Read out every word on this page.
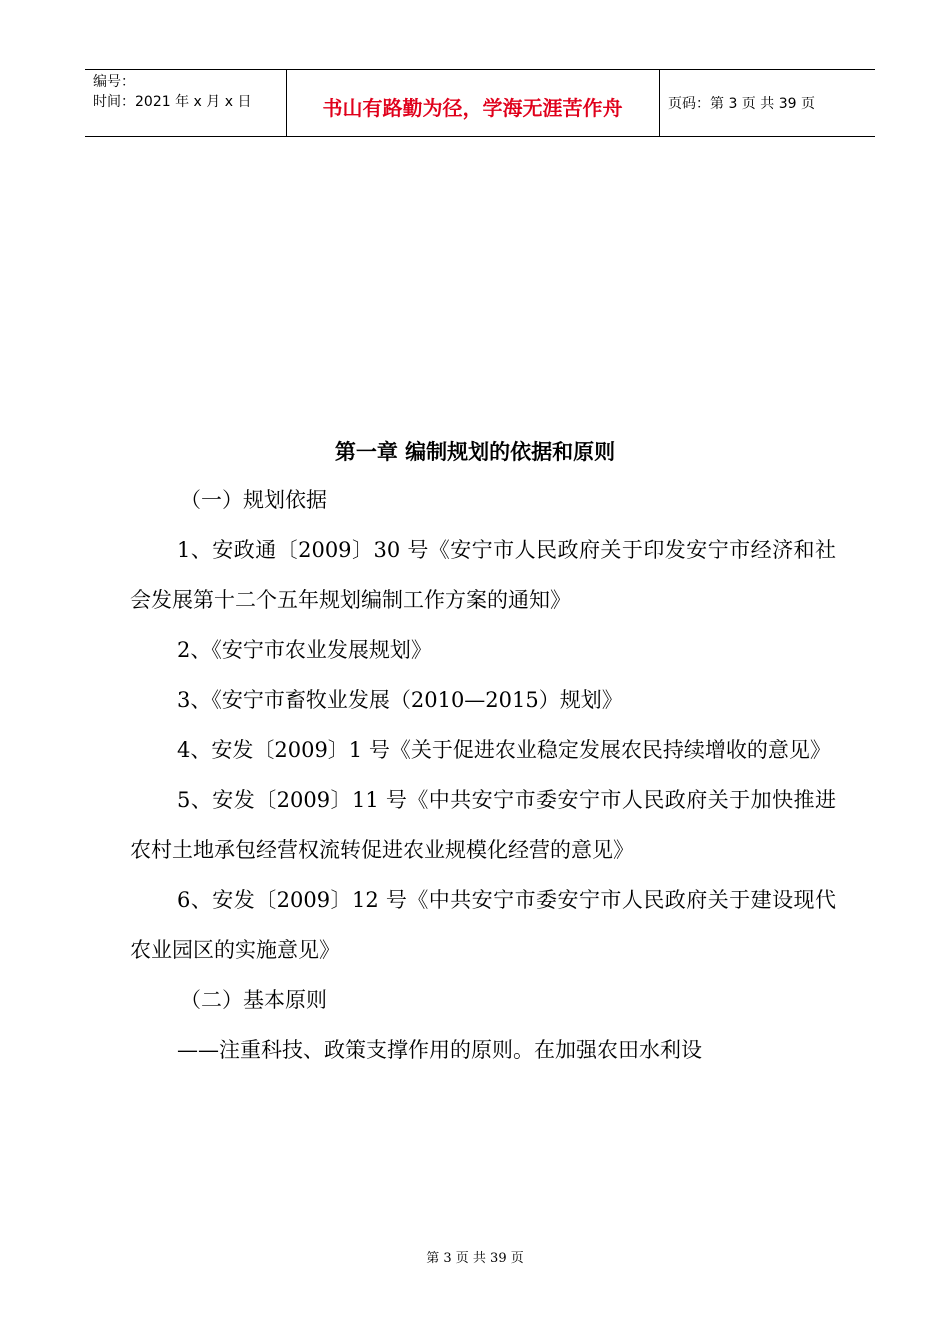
编号：
时间：2021 年 x 月 x 日	书山有路勤为径，学海无涯苦作舟	页码：第 3 页 共 39 页
第一章 编制规划的依据和原则

（一）规划依据

1、安政通〔2009〕30 号《安宁市人民政府关于印发安宁市经济和社会发展第十二个五年规划编制工作方案的通知》

2、《安宁市农业发展规划》

3、《安宁市畜牧业发展（2010—2015）规划》

4、安发〔2009〕1 号《关于促进农业稳定发展农民持续增收的意见》

5、安发〔2009〕11 号《中共安宁市委安宁市人民政府关于加快推进农村土地承包经营权流转促进农业规模化经营的意见》

6、安发〔2009〕12 号《中共安宁市委安宁市人民政府关于建设现代农业园区的实施意见》

（二）基本原则

——注重科技、政策支撑作用的原则。在加强农田水利设

第 3 页 共 39 页
